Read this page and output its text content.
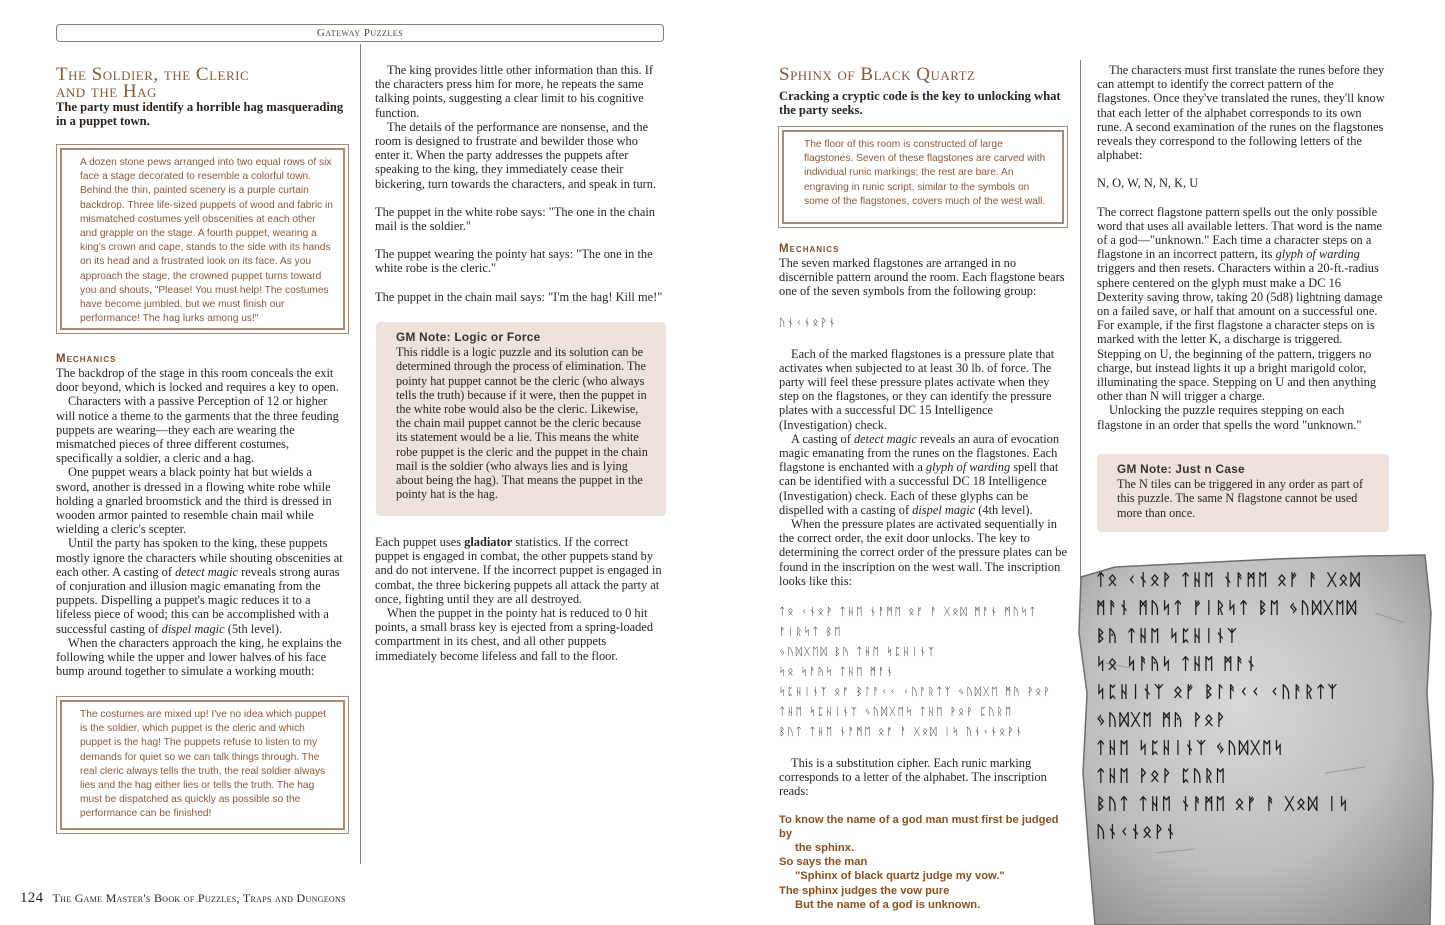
Gateway Puzzles

The Soldier, the Cleric
and the Hag

The party must identify a horrible hag masquerading in a puppet town.

A dozen stone pews arranged into two equal rows of six face a stage decorated to resemble a colorful town. Behind the thin, painted scenery is a purple curtain backdrop. Three life-sized puppets of wood and fabric in mismatched costumes yell obscenities at each other and grapple on the stage. A fourth puppet, wearing a king's crown and cape, stands to the side with its hands on its head and a frustrated look on its face. As you approach the stage, the crowned puppet turns toward you and shouts, "Please! You must help! The costumes have become jumbled, but we must finish our performance! The hag lurks among us!"

Mechanics

The backdrop of the stage in this room conceals the exit door beyond, which is locked and requires a key to open.

Characters with a passive Perception of 12 or higher will notice a theme to the garments that the three feuding puppets are wearing—they each are wearing the mismatched pieces of three different costumes, specifically a soldier, a cleric and a hag.

One puppet wears a black pointy hat but wields a sword, another is dressed in a flowing white robe while holding a gnarled broomstick and the third is dressed in wooden armor painted to resemble chain mail while wielding a cleric's scepter.

Until the party has spoken to the king, these puppets mostly ignore the characters while shouting obscenities at each other. A casting of detect magic reveals strong auras of conjuration and illusion magic emanating from the puppets. Dispelling a puppet's magic reduces it to a lifeless piece of wood; this can be accomplished with a successful casting of dispel magic (5th level).

When the characters approach the king, he explains the following while the upper and lower halves of his face bump around together to simulate a working mouth:

The costumes are mixed up! I've no idea which puppet is the soldier, which puppet is the cleric and which puppet is the hag! The puppets refuse to listen to my demands for quiet so we can talk things through. The real cleric always tells the truth, the real soldier always lies and the hag either lies or tells the truth. The hag must be dispatched as quickly as possible so the performance can be finished!

The king provides little other information than this. If the characters press him for more, he repeats the same talking points, suggesting a clear limit to his cognitive function.

The details of the performance are nonsense, and the room is designed to frustrate and bewilder those who enter it. When the party addresses the puppets after speaking to the king, they immediately cease their bickering, turn towards the characters, and speak in turn.

The puppet in the white robe says: "The one in the chain mail is the soldier."

The puppet wearing the pointy hat says: "The one in the white robe is the cleric."

The puppet in the chain mail says: "I'm the hag! Kill me!"

GM Note: Logic or Force
This riddle is a logic puzzle and its solution can be determined through the process of elimination. The pointy hat puppet cannot be the cleric (who always tells the truth) because if it were, then the puppet in the white robe would also be the cleric. Likewise, the chain mail puppet cannot be the cleric because its statement would be a lie. This means the white robe puppet is the cleric and the puppet in the chain mail is the soldier (who always lies and is lying about being the hag). That means the puppet in the pointy hat is the hag.

Each puppet uses gladiator statistics. If the correct puppet is engaged in combat, the other puppets stand by and do not intervene. If the incorrect puppet is engaged in combat, the three bickering puppets all attack the party at once, fighting until they are all destroyed.

When the puppet in the pointy hat is reduced to 0 hit points, a small brass key is ejected from a spring-loaded compartment in its chest, and all other puppets immediately become lifeless and fall to the floor.

Sphinx of Black Quartz

Cracking a cryptic code is the key to unlocking what the party seeks.

The floor of this room is constructed of large flagstones. Seven of these flagstones are carved with individual runic markings; the rest are bare. An engraving in runic script, similar to the symbols on some of the flagstones, covers much of the west wall.

Mechanics

The seven marked flagstones are arranged in no discernible pattern around the room. Each flagstone bears one of the seven symbols from the following group:

ᚢᚾᚲᚾᛟᚹᚾ

Each of the marked flagstones is a pressure plate that activates when subjected to at least 30 lb. of force. The party will feel these pressure plates activate when they step on the flagstones, or they can identify the pressure plates with a successful DC 15 Intelligence (Investigation) check.

A casting of detect magic reveals an aura of evocation magic emanating from the runes on the flagstones. Each flagstone is enchanted with a glyph of warding spell that can be identified with a successful DC 18 Intelligence (Investigation) check. Each of these glyphs can be dispelled with a casting of dispel magic (4th level).

When the pressure plates are activated sequentially in the correct order, the exit door unlocks. The key to determining the correct order of the pressure plates can be found in the inscription on the west wall. The inscription looks like this:

ᛏᛟ ᚲᚾᛟᚹ ᛏᚺᛖ ᚾᚨᛗᛖ ᛟᚠ ᚨ ᚷᛟᛞ ᛗᚨᚾ ᛗᚢᛋᛏ ᚠᛁᚱᛋᛏ ᛒᛖ

ᛃᚢᛞᚷᛖᛞ ᛒᚤ ᛏᚺᛖ ᛋᛈᚺᛁᚾᛉ

ᛋᛟ ᛋᚨᚤᛋ ᛏᚺᛖ ᛗᚨᚾ

ᛋᛈᚺᛁᚾᛉ ᛟᚠ ᛒᛚᚨᚲᚲ ᚲᚢᚨᚱᛏᛉ ᛃᚢᛞᚷᛖ ᛗᚤ ᚹᛟᚹ

ᛏᚺᛖ ᛋᛈᚺᛁᚾᛉ ᛃᚢᛞᚷᛖᛋ ᛏᚺᛖ ᚹᛟᚹ ᛈᚢᚱᛖ

ᛒᚢᛏ ᛏᚺᛖ ᚾᚨᛗᛖ ᛟᚠ ᚨ ᚷᛟᛞ ᛁᛋ ᚢᚾᚲᚾᛟᚹᚾ

This is a substitution cipher. Each runic marking corresponds to a letter of the alphabet. The inscription reads:

To know the name of a god man must first be judged by
the sphinx.
So says the man
"Sphinx of black quartz judge my vow."
The sphinx judges the vow pure
But the name of a god is unknown.

The characters must first translate the runes before they can attempt to identify the correct pattern of the flagstones. Once they've translated the runes, they'll know that each letter of the alphabet corresponds to its own rune. A second examination of the runes on the flagstones reveals they correspond to the following letters of the alphabet:

N, O, W, N, N, K, U

The correct flagstone pattern spells out the only possible word that uses all available letters. That word is the name of a god—"unknown." Each time a character steps on a flagstone in an incorrect pattern, its glyph of warding triggers and then resets. Characters within a 20-ft.-radius sphere centered on the glyph must make a DC 16 Dexterity saving throw, taking 20 (5d8) lightning damage on a failed save, or half that amount on a successful one. For example, if the first flagstone a character steps on is marked with the letter K, a discharge is triggered. Stepping on U, the beginning of the pattern, triggers no charge, but instead lights it up a bright marigold color, illuminating the space. Stepping on U and then anything other than N will trigger a charge.

Unlocking the puzzle requires stepping on each flagstone in an order that spells the word "unknown."

GM Note: Just n Case
The N tiles can be triggered in any order as part of this puzzle. The same N flagstone cannot be used more than once.
ᛏᛟ ᚲᚾᛟᚹ ᛏᚺᛖ ᚾᚨᛗᛖ ᛟᚠ ᚨ ᚷᛟᛞ
ᛗᚨᚾ ᛗᚢᛋᛏ ᚠᛁᚱᛋᛏ ᛒᛖ ᛃᚢᛞᚷᛖᛞ
ᛒᚤ ᛏᚺᛖ ᛋᛈᚺᛁᚾᛉ
ᛋᛟ ᛋᚨᚤᛋ ᛏᚺᛖ ᛗᚨᚾ
ᛋᛈᚺᛁᚾᛉ ᛟᚠ ᛒᛚᚨᚲᚲ ᚲᚢᚨᚱᛏᛉ
ᛃᚢᛞᚷᛖ ᛗᚤ ᚹᛟᚹ
ᛏᚺᛖ ᛋᛈᚺᛁᚾᛉ ᛃᚢᛞᚷᛖᛋ
ᛏᚺᛖ ᚹᛟᚹ ᛈᚢᚱᛖ
ᛒᚢᛏ ᛏᚺᛖ ᚾᚨᛗᛖ ᛟᚠ ᚨ ᚷᛟᛞ ᛁᛋ
ᚢᚾᚲᚾᛟᚹᚾ
124 The Game Master's Book of Puzzles, Traps and Dungeons
